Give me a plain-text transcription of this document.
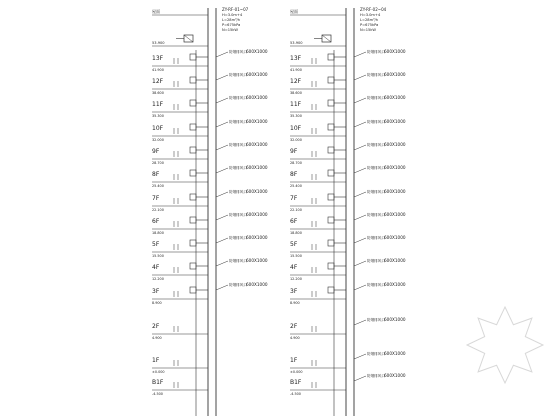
屋面	ZY-RF-01~07
H=3.0m+4
L=28m³/h
P=675kPa
N=15kW
53.900
屋面	ZY-RF-02~04
H=3.0m+4
L=28m³/h
P=675kPa
N=15kW
53.900
13F
41.900
防烟排风口 600X1000
12F
38.600
防烟排风口 600X1000
11F
35.300
防烟排风口 600X1000
10F
32.000
防烟排风口 600X1000
9F
28.700
防烟排风口 600X1000
8F
25.400
防烟排风口 600X1000
7F
22.100
防烟排风口 600X1000
6F
18.800
防烟排风口 600X1000
5F
15.500
防烟排风口 600X1000
4F
12.200
防烟排风口 600X1000
3F
8.900
防烟排风口 600X1000
2F
4.900
1F
±0.000
B1F
-4.500
13F
41.900
防烟排风口 600X1000
12F
38.600
防烟排风口 600X1000
11F
35.300
防烟排风口 600X1000
10F
32.000
防烟排风口 600X1000
9F
28.700
防烟排风口 600X1000
8F
25.400
防烟排风口 600X1000
7F
22.100
防烟排风口 600X1000
6F
18.800
防烟排风口 600X1000
5F
15.500
防烟排风口 600X1000
4F
12.200
防烟排风口 600X1000
3F
8.900
防烟排风口 600X1000
2F
4.900
1F
±0.000
B1F
-4.500
防烟排风口 600X1000
防烟排风口 600X1000
防烟排风口 600X1000
